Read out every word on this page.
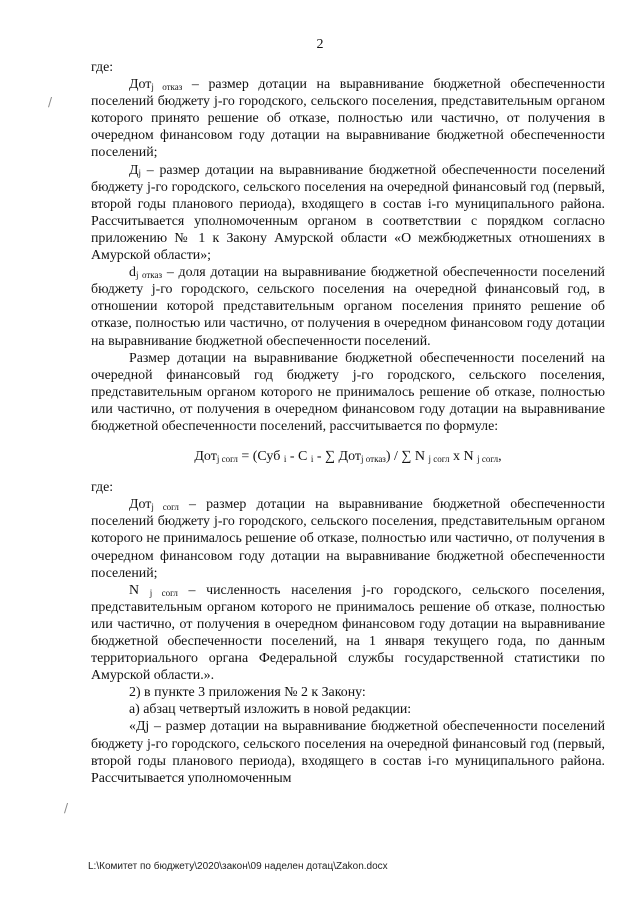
2
/
/

где:

Дот$_{j отказ}$ – размер дотации на выравнивание бюджетной обеспеченности поселений бюджету j-го городского, сельского поселения, представительным органом которого принято решение об отказе, полностью или частично, от получения в очередном финансовом году дотации на выравнивание бюджетной обеспеченности поселений;

$Д_j$ – размер дотации на выравнивание бюджетной обеспеченности поселений бюджету j-го городского, сельского поселения на очередной финансовый год (первый, второй годы планового периода), входящего в состав i-го муниципального района. Рассчитывается уполномоченным органом в соответствии с порядком согласно приложению № 1 к Закону Амурской области «О межбюджетных отношениях в Амурской области»;

$d_{j отказ}$ – доля дотации на выравнивание бюджетной обеспеченности поселений бюджету j-го городского, сельского поселения на очередной финансовый год, в отношении которой представительным органом поселения принято решение об отказе, полностью или частично, от получения в очередном финансовом году дотации на выравнивание бюджетной обеспеченности поселений.

Размер дотации на выравнивание бюджетной обеспеченности поселений на очередной финансовый год бюджету j-го городского, сельского поселения, представительным органом которого не принималось решение об отказе, полностью или частично, от получения в очередном финансовом году дотации на выравнивание бюджетной обеспеченности поселений, рассчитывается по формуле:

Дот$_{j согл}$ = (Суб $_i$ - С $_i$ - ∑ Дот$_{j отказ}$) / ∑ N $_{j согл}$ x N $_{j согл}$,

где:

Дот$_{j согл}$ – размер дотации на выравнивание бюджетной обеспеченности поселений бюджету j-го городского, сельского поселения, представительным органом которого не принималось решение об отказе, полностью или частично, от получения в очередном финансовом году дотации на выравнивание бюджетной обеспеченности поселений;

N $_{j согл}$ – численность населения j-го городского, сельского поселения, представительным органом которого не принималось решение об отказе, полностью или частично, от получения в очередном финансовом году дотации на выравнивание бюджетной обеспеченности поселений, на 1 января текущего года, по данным территориального органа Федеральной службы государственной статистики по Амурской области.».

2) в пункте 3 приложения № 2 к Закону:

а) абзац четвертый изложить в новой редакции:

«Дj – размер дотации на выравнивание бюджетной обеспеченности поселений бюджету j-го городского, сельского поселения на очередной финансовый год (первый, второй годы планового периода), входящего в состав i-го муниципального района. Рассчитывается уполномоченным

L:\Комитет по бюджету\2020\закон\09 наделен дотац\Zakon.docx
